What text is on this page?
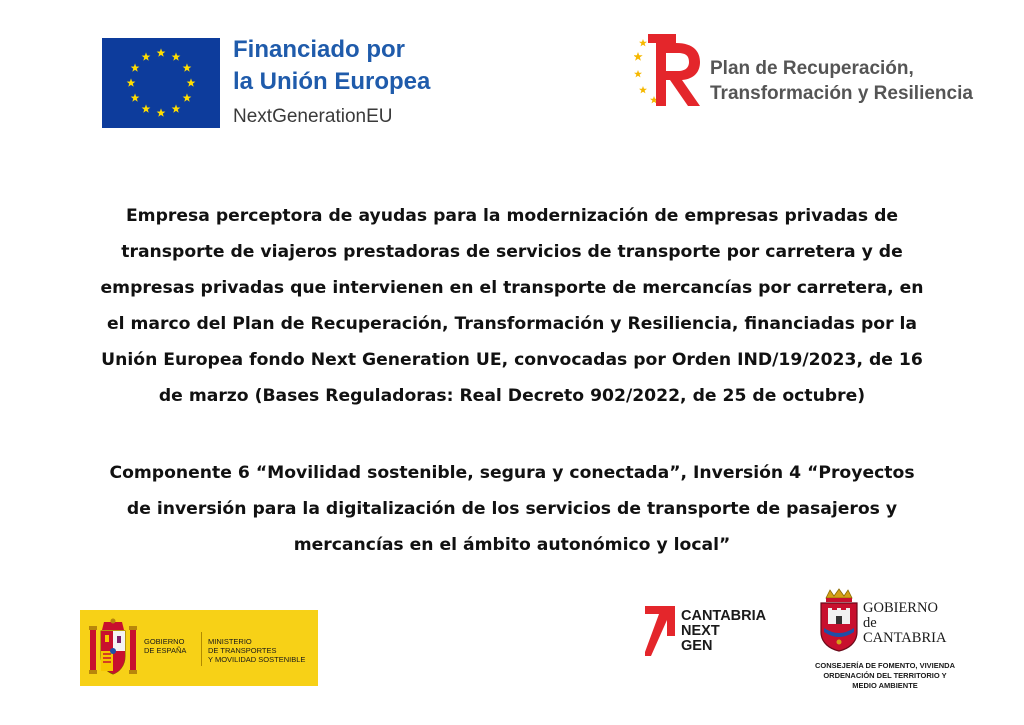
Financiado por
la Unión Europea
NextGenerationEU
Plan de Recuperación,
Transformación y Resiliencia
Empresa perceptora de ayudas para la modernización de empresas privadas de transporte de viajeros prestadoras de servicios de transporte por carretera y de empresas privadas que intervienen en el transporte de mercancías por carretera, en el marco del Plan de Recuperación, Transformación y Resiliencia, financiadas por la Unión Europea fondo Next Generation UE, convocadas por Orden IND/19/2023, de 16 de marzo (Bases Reguladoras: Real Decreto 902/2022, de 25 de octubre)
Componente 6 “Movilidad sostenible, segura y conectada”, Inversión 4 “Proyectos de inversión para la digitalización de los servicios de transporte de pasajeros y mercancías en el ámbito autonómico y local”
GOBIERNO
DE ESPAÑA
MINISTERIO
DE TRANSPORTES
Y MOVILIDAD SOSTENIBLE
CANTABRIA
NEXT
GEN
GOBIERNO
de
CANTABRIA
CONSEJERÍA DE FOMENTO, VIVIENDA
ORDENACIÓN DEL TERRITORIO Y
MEDIO AMBIENTE
